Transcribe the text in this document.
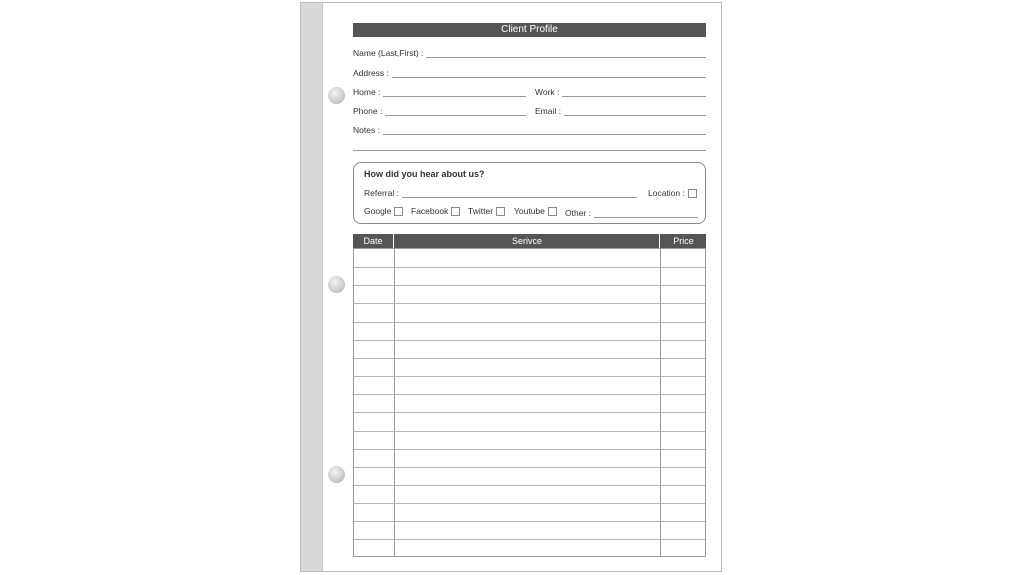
Client Profile
Name (Last,First) :
Address :
Home :	Work :
Phone :	Email :
Notes :
How did you hear about us?
Referral :	Location :
Google Facebook Twitter Youtube Other :
Date	Serivce	Price
